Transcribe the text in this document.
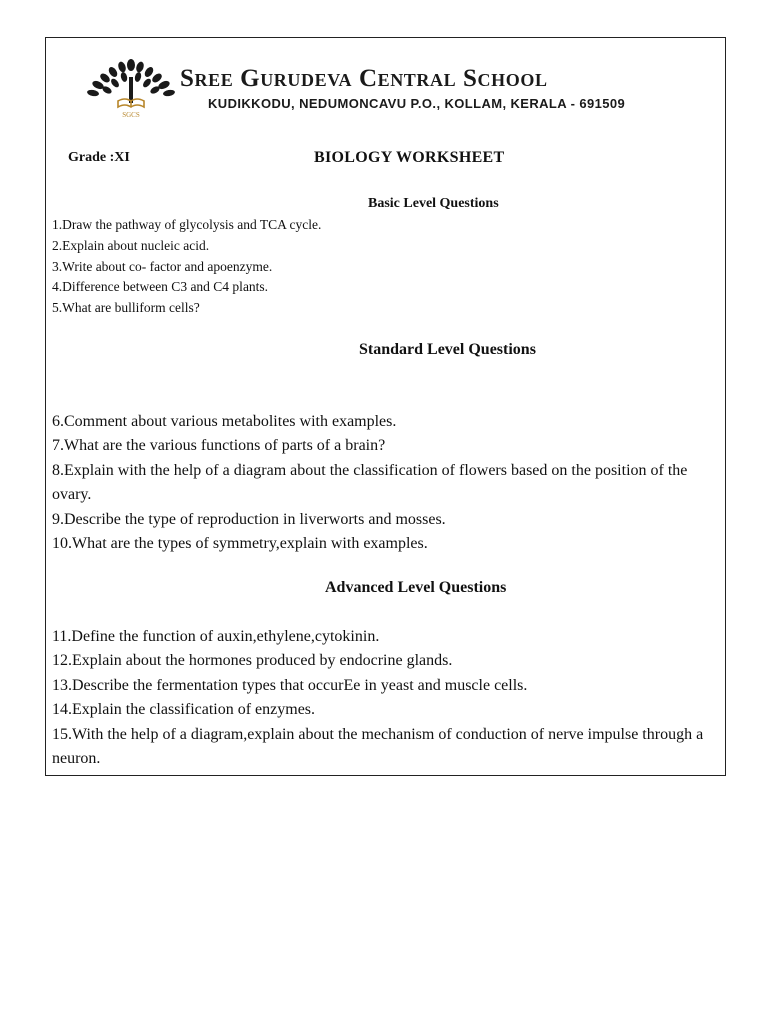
SGCS
Sree Gurudeva Central School
KUDIKKODU, NEDUMONCAVU P.O., KOLLAM, KERALA - 691509
Grade :XI	BIOLOGY WORKSHEET
Basic Level Questions
1.Draw the pathway of glycolysis and TCA cycle.
2.Explain about nucleic acid.
3.Write about co- factor and apoenzyme.
4.Difference between C3 and C4 plants.
5.What are bulliform cells?
Standard Level Questions
6.Comment about various metabolites with examples.
7.What are the various functions of parts of a brain?
8.Explain with the help of a diagram about the classification of flowers based on the position of the ovary.
9.Describe the type of reproduction in liverworts and mosses.
10.What are the types of symmetry,explain with examples.
Advanced Level Questions
11.Define the function of auxin,ethylene,cytokinin.
12.Explain about the hormones produced by endocrine glands.
13.Describe the fermentation types that occurEe in yeast and muscle cells.
14.Explain the classification of enzymes.
15.With the help of a diagram,explain about the mechanism of conduction of nerve impulse through a neuron.
